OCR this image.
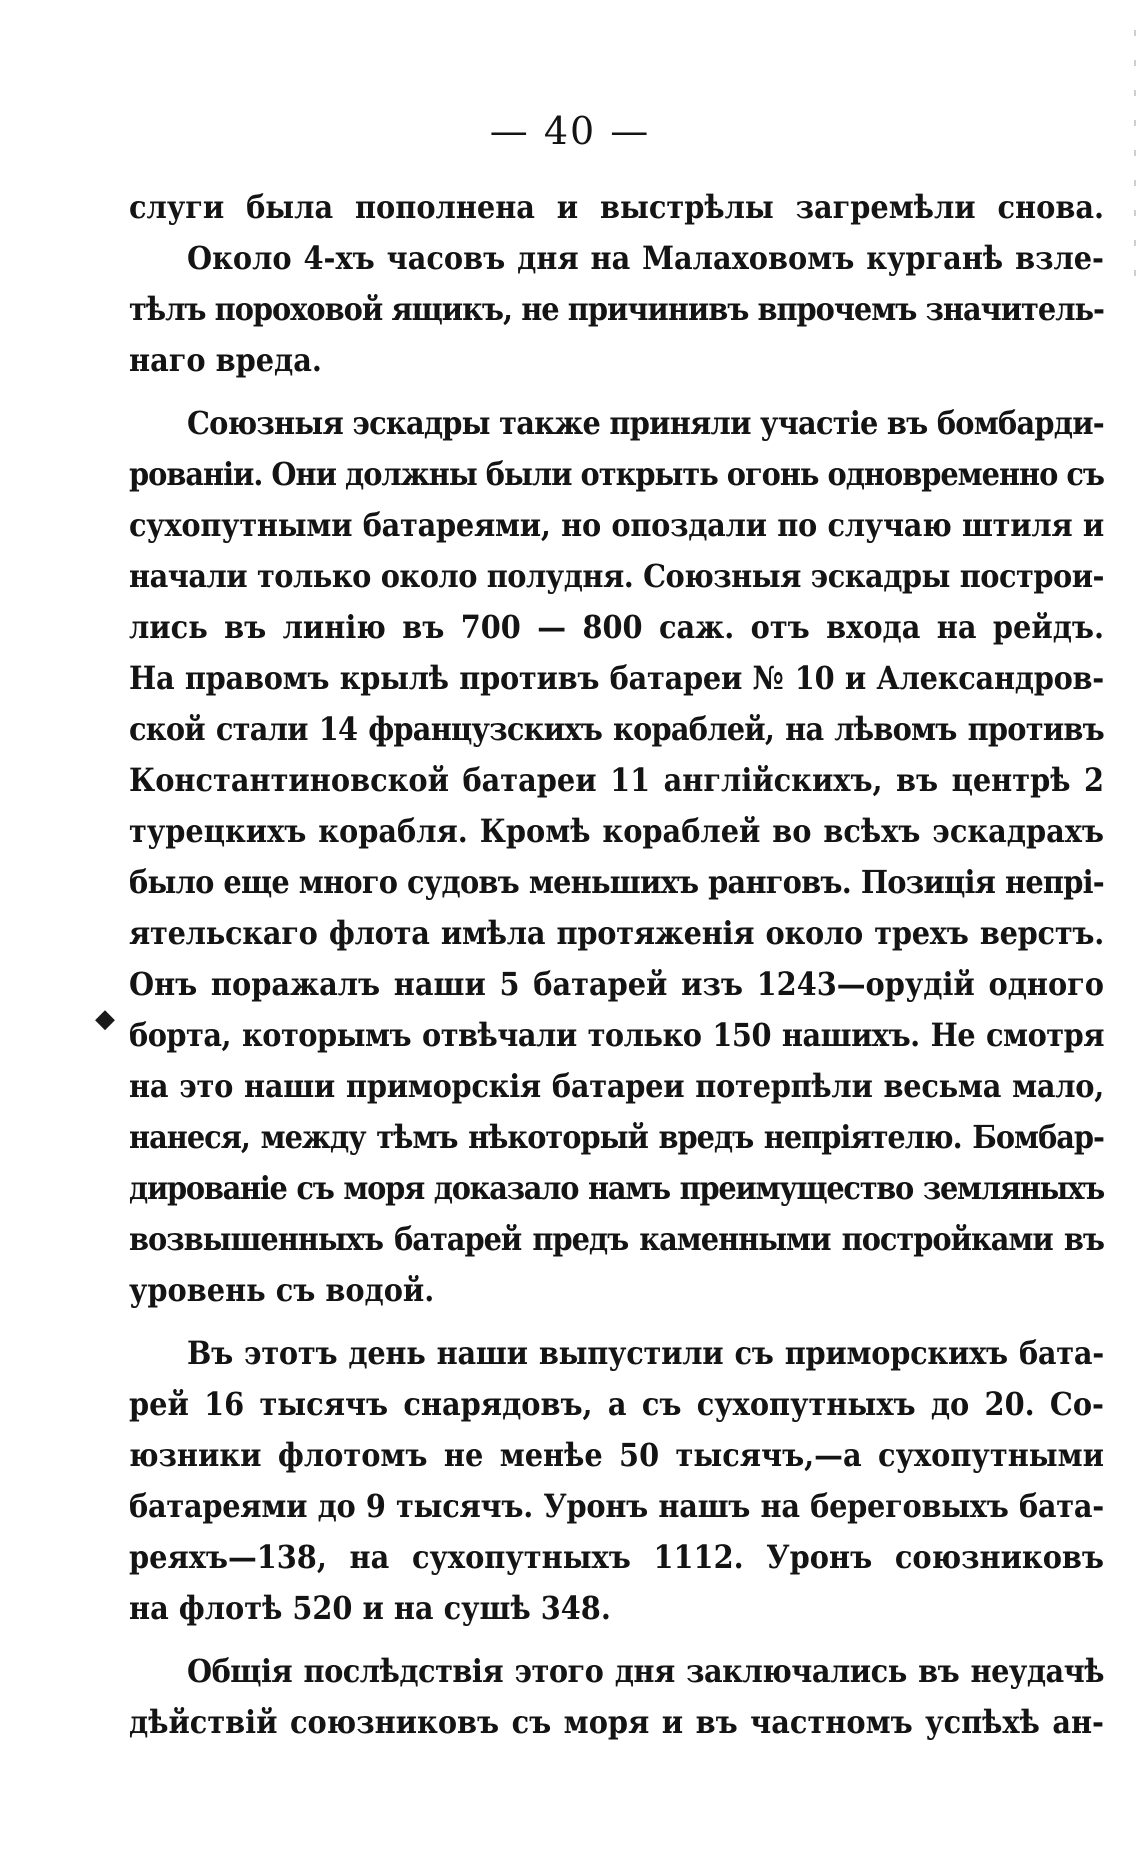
— 40 —
◆
слуги была пополнена и выстрѣлы загремѣли снова.
Около 4-хъ часовъ дня на Малаховомъ курганѣ взле-
тѣлъ пороховой ящикъ, не причинивъ впрочемъ значитель-
наго вреда.
Союзныя эскадры также приняли участіе въ бомбарди-
рованіи. Они должны были открыть огонь одновременно съ
сухопутными батареями, но опоздали по случаю штиля и
начали только около полудня. Союзныя эскадры построи-
лись въ линію въ 700 — 800 саж. отъ входа на рейдъ.
На правомъ крылѣ противъ батареи № 10 и Александров-
ской стали 14 французскихъ кораблей, на лѣвомъ противъ
Константиновской батареи 11 англійскихъ, въ центрѣ 2
турецкихъ корабля. Кромѣ кораблей во всѣхъ эскадрахъ
было еще много судовъ меньшихъ ранговъ. Позиція непрі-
ятельскаго флота имѣла протяженія около трехъ верстъ.
Онъ поражалъ наши 5 батарей изъ 1243—орудій одного
борта, которымъ отвѣчали только 150 нашихъ. Не смотря
на это наши приморскія батареи потерпѣли весьма мало,
нанеся, между тѣмъ нѣкоторый вредъ непріятелю. Бомбар-
дированіе съ моря доказало намъ преимущество земляныхъ
возвышенныхъ батарей предъ каменными постройками въ
уровень съ водой.
Въ этотъ день наши выпустили съ приморскихъ бата-
рей 16 тысячъ снарядовъ, а съ сухопутныхъ до 20. Со-
юзники флотомъ не менѣе 50 тысячъ,—а сухопутными
батареями до 9 тысячъ. Уронъ нашъ на береговыхъ бата-
реяхъ—138, на сухопутныхъ 1112. Уронъ союзниковъ
на флотѣ 520 и на сушѣ 348.
Общія послѣдствія этого дня заключались въ неудачѣ
дѣйствій союзниковъ съ моря и въ частномъ успѣхѣ ан-
